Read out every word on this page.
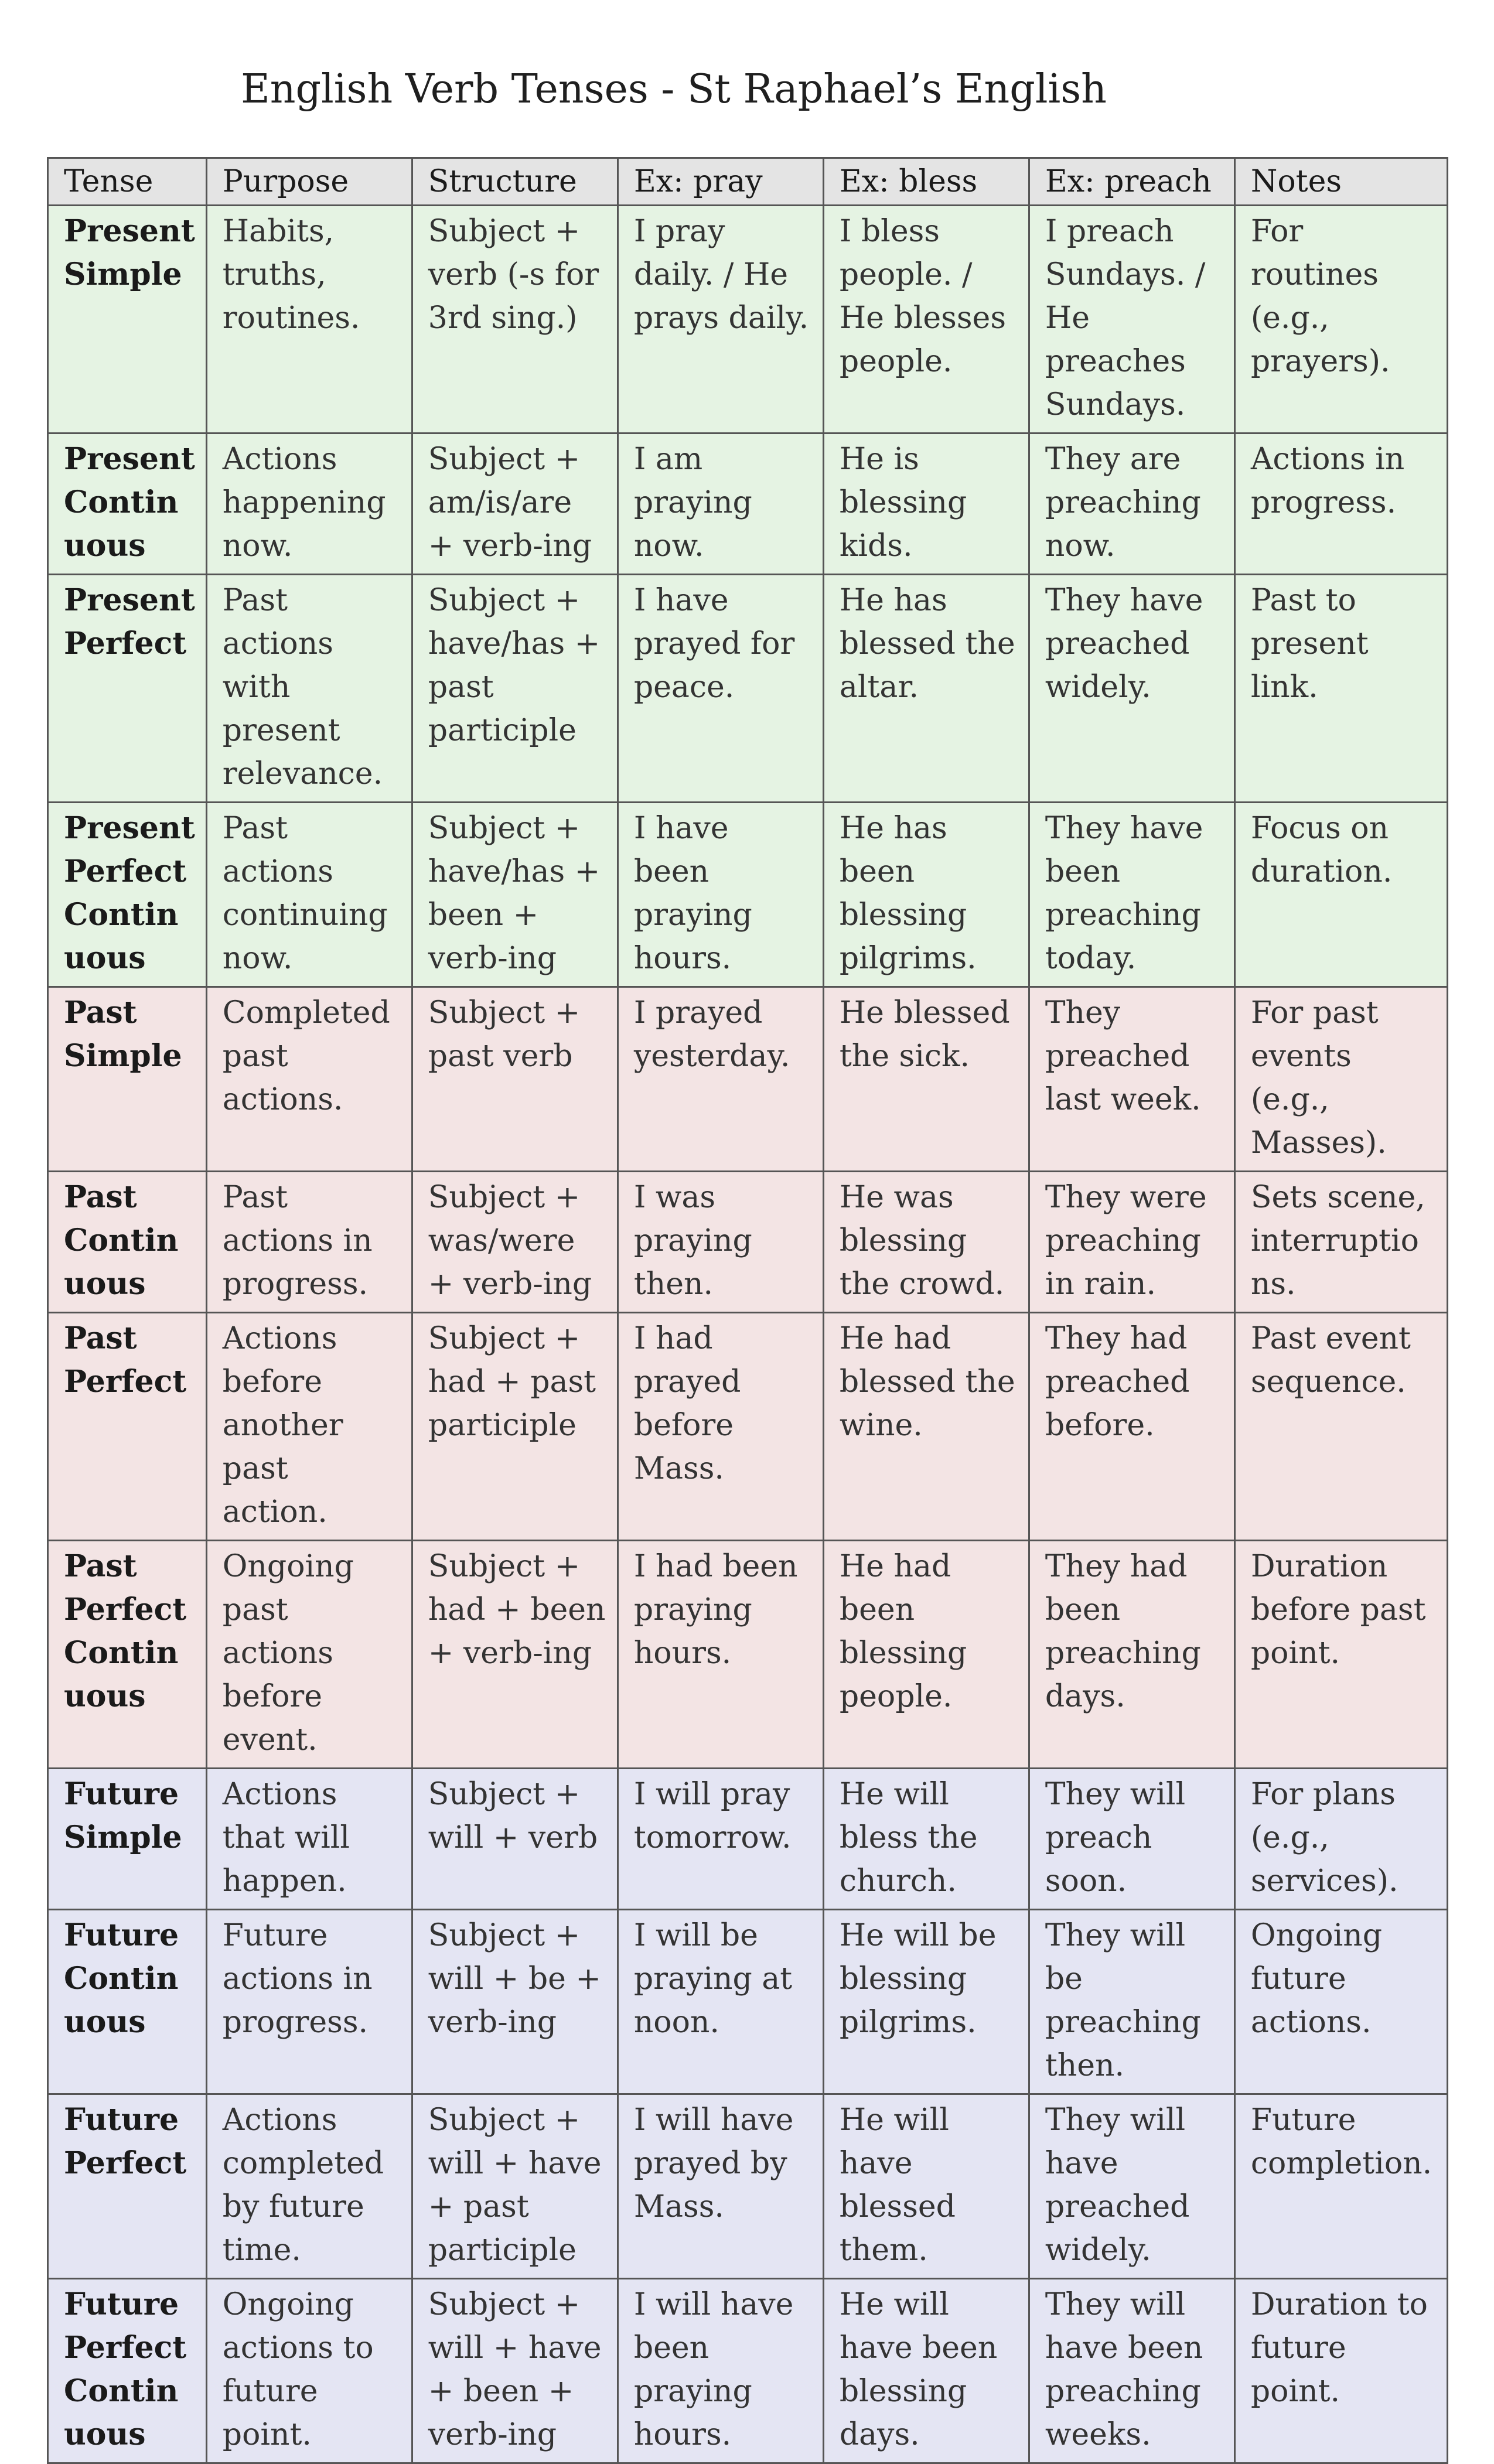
English Verb Tenses - St Raphael’s English
Tense	Purpose	Structure	Ex: pray	Ex: bless	Ex: preach	Notes
Present Simple	Habits, truths, routines.	Subject + verb (-s for 3rd sing.)	I pray daily. / He prays daily.	I bless people. / He blesses people.	I preach Sundays. / He preaches Sundays.	For routines (e.g., prayers).
Present Continuous	Actions happening now.	Subject + am/is/are + verb-ing	I am praying now.	He is blessing kids.	They are preaching now.	Actions in progress.
Present Perfect	Past actions with present relevance.	Subject + have/has + past participle	I have prayed for peace.	He has blessed the altar.	They have preached widely.	Past to present link.
Present Perfect Continuous	Past actions continuing now.	Subject + have/has + been + verb-ing	I have been praying hours.	He has been blessing pilgrims.	They have been preaching today.	Focus on duration.
Past Simple	Completed past actions.	Subject + past verb	I prayed yesterday.	He blessed the sick.	They preached last week.	For past events (e.g., Masses).
Past Continuous	Past actions in progress.	Subject + was/were + verb-ing	I was praying then.	He was blessing the crowd.	They were preaching in rain.	Sets scene, interruptions.
Past Perfect	Actions before another past action.	Subject + had + past participle	I had prayed before Mass.	He had blessed the wine.	They had preached before.	Past event sequence.
Past Perfect Continuous	Ongoing past actions before event.	Subject + had + been + verb-ing	I had been praying hours.	He had been blessing people.	They had been preaching days.	Duration before past point.
Future Simple	Actions that will happen.	Subject + will + verb	I will pray tomorrow.	He will bless the church.	They will preach soon.	For plans (e.g., services).
Future Continuous	Future actions in progress.	Subject + will + be + verb-ing	I will be praying at noon.	He will be blessing pilgrims.	They will be preaching then.	Ongoing future actions.
Future Perfect	Actions completed by future time.	Subject + will + have + past participle	I will have prayed by Mass.	He will have blessed them.	They will have preached widely.	Future completion.
Future Perfect Continuous	Ongoing actions to future point.	Subject + will + have + been + verb-ing	I will have been praying hours.	He will have been blessing days.	They will have been preaching weeks.	Duration to future point.
